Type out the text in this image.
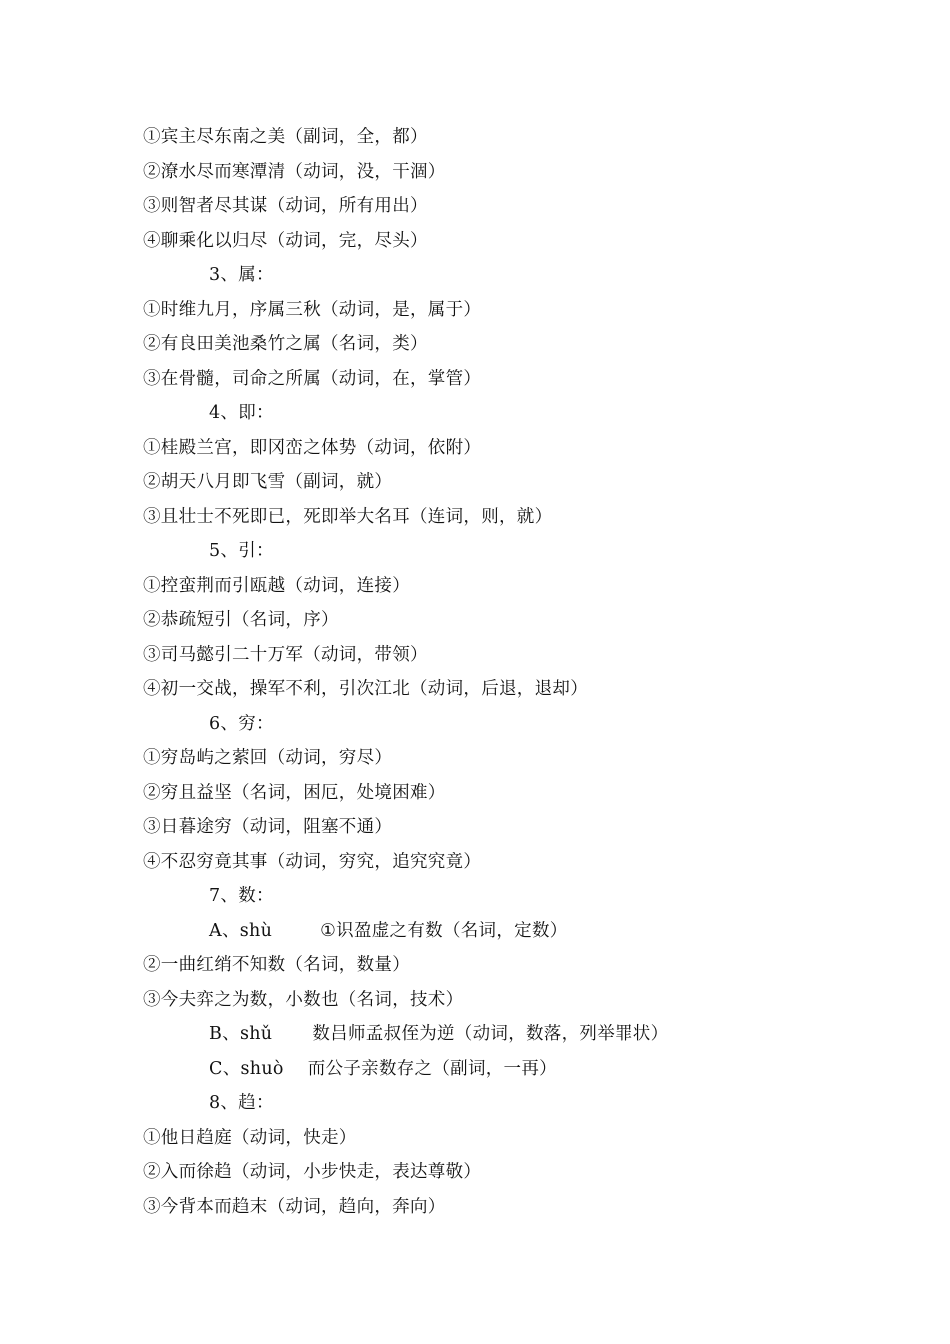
①宾主尽东南之美（副词，全，都）
②潦水尽而寒潭清（动词，没，干涸）
③则智者尽其谋（动词，所有用出）
④聊乘化以归尽（动词，完，尽头）
3、属：
①时维九月，序属三秋（动词，是，属于）
②有良田美池桑竹之属（名词，类）
③在骨髓，司命之所属（动词，在，掌管）
4、即：
①桂殿兰宫，即冈峦之体势（动词，依附）
②胡天八月即飞雪（副词，就）
③且壮士不死即已，死即举大名耳（连词，则，就）
5、引：
①控蛮荆而引瓯越（动词，连接）
②恭疏短引（名词，序）
③司马懿引二十万军（动词，带领）
④初一交战，操军不利，引次江北（动词，后退，退却）
6、穷：
①穷岛屿之萦回（动词，穷尽）
②穷且益坚（名词，困厄，处境困难）
③日暮途穷（动词，阻塞不通）
④不忍穷竟其事（动词，穷究，追究究竟）
7、数：
A、shù	①识盈虚之有数（名词，定数）
②一曲红绡不知数（名词，数量）
③今夫弈之为数，小数也（名词，技术）
B、shǔ 数吕师孟叔侄为逆（动词，数落，列举罪状）
C、shuò 而公子亲数存之（副词，一再）
8、趋：
①他日趋庭（动词，快走）
②入而徐趋（动词，小步快走，表达尊敬）
③今背本而趋末（动词，趋向，奔向）
